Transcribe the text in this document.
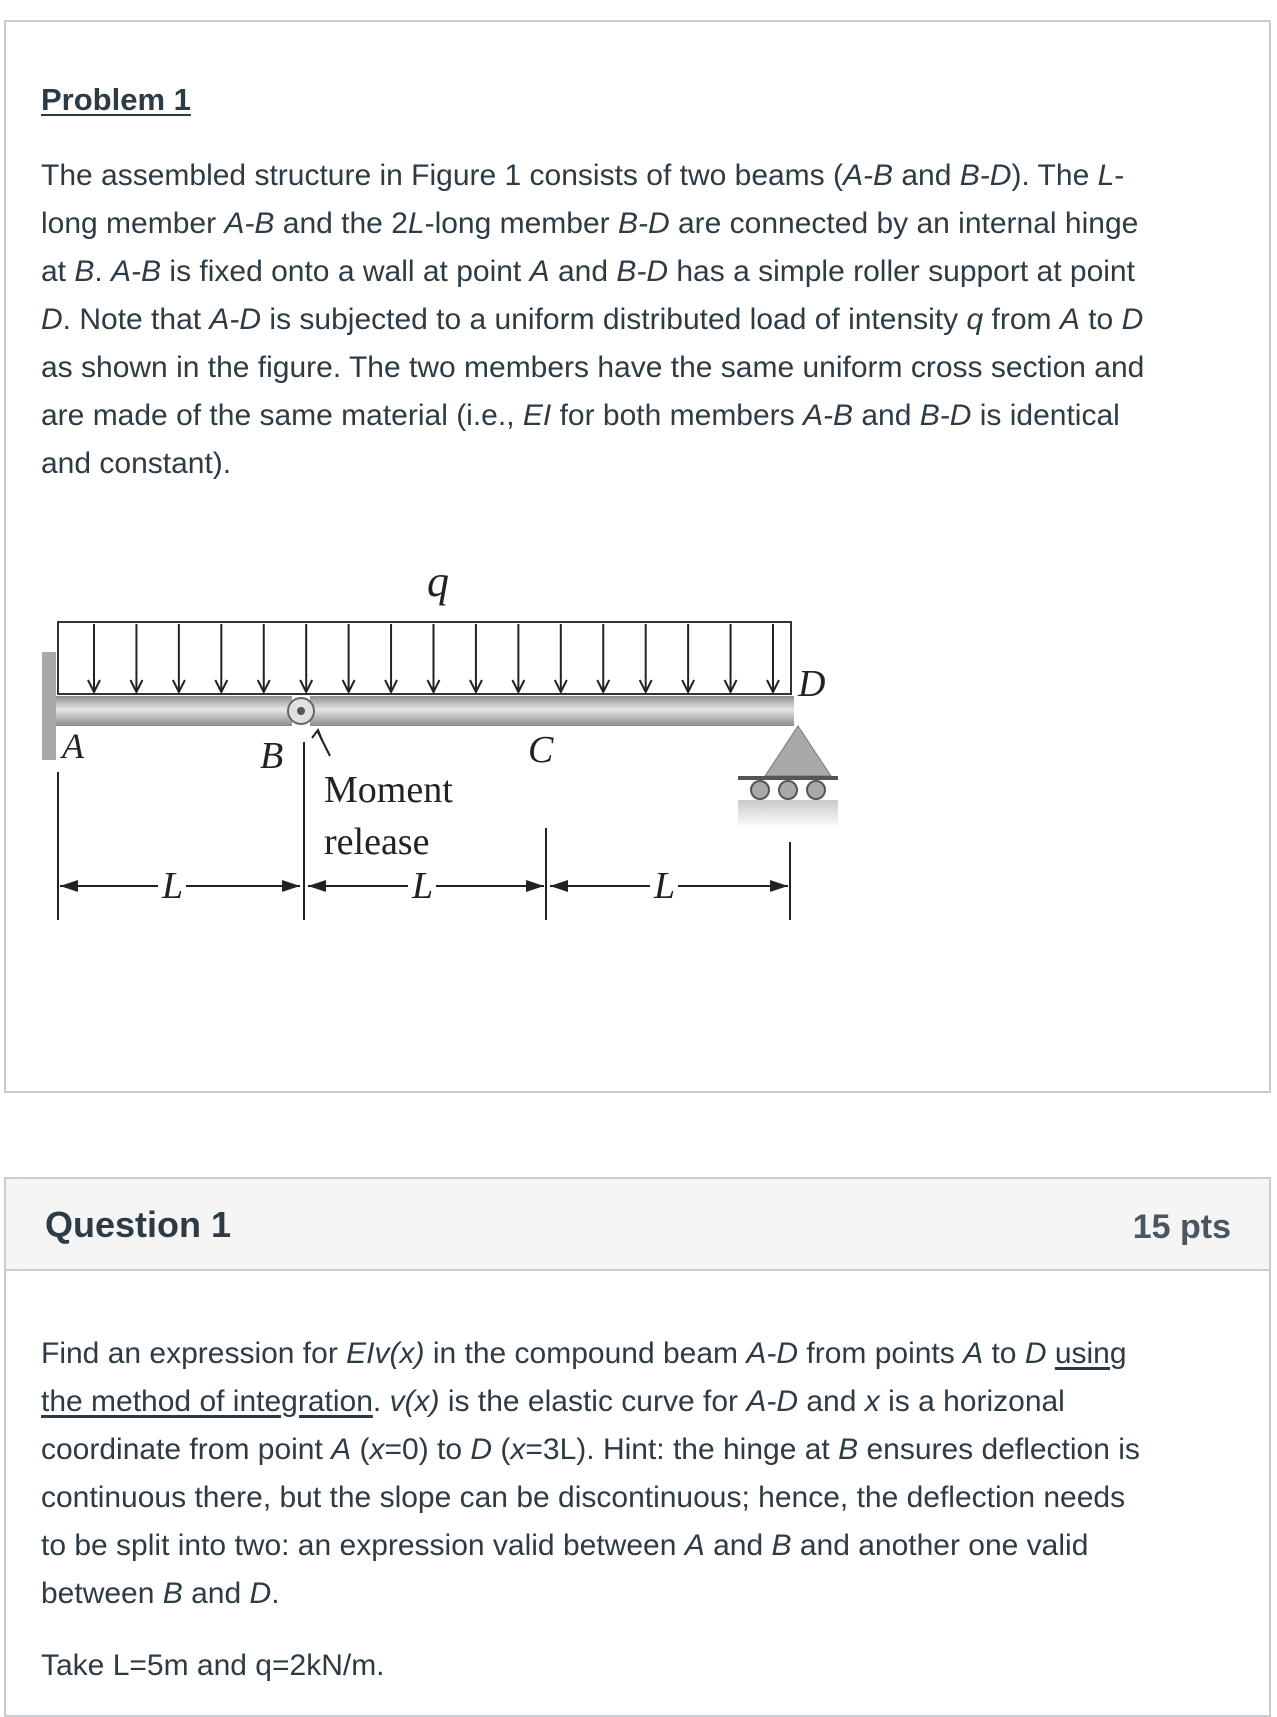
Problem 1
The assembled structure in Figure 1 consists of two beams (A-B and B-D). The L-
long member A-B and the 2L-long member B-D are connected by an internal hinge
at B. A-B is fixed onto a wall at point A and B-D has a simple roller support at point
D. Note that A-D is subjected to a uniform distributed load of intensity q from A to D
as shown in the figure. The two members have the same uniform cross section and
are made of the same material (i.e., EI for both members A-B and B-D is identical
and constant).
q
A	B	C
D
Moment
release
L	L	L
Question 1	15 pts
Find an expression for EIv(x) in the compound beam A-D from points A to D using
the method of integration. v(x) is the elastic curve for A-D and x is a horizonal
coordinate from point A (x=0) to D (x=3L). Hint: the hinge at B ensures deflection is
continuous there, but the slope can be discontinuous; hence, the deflection needs
to be split into two: an expression valid between A and B and another one valid
between B and D.
Take L=5m and q=2kN/m.
